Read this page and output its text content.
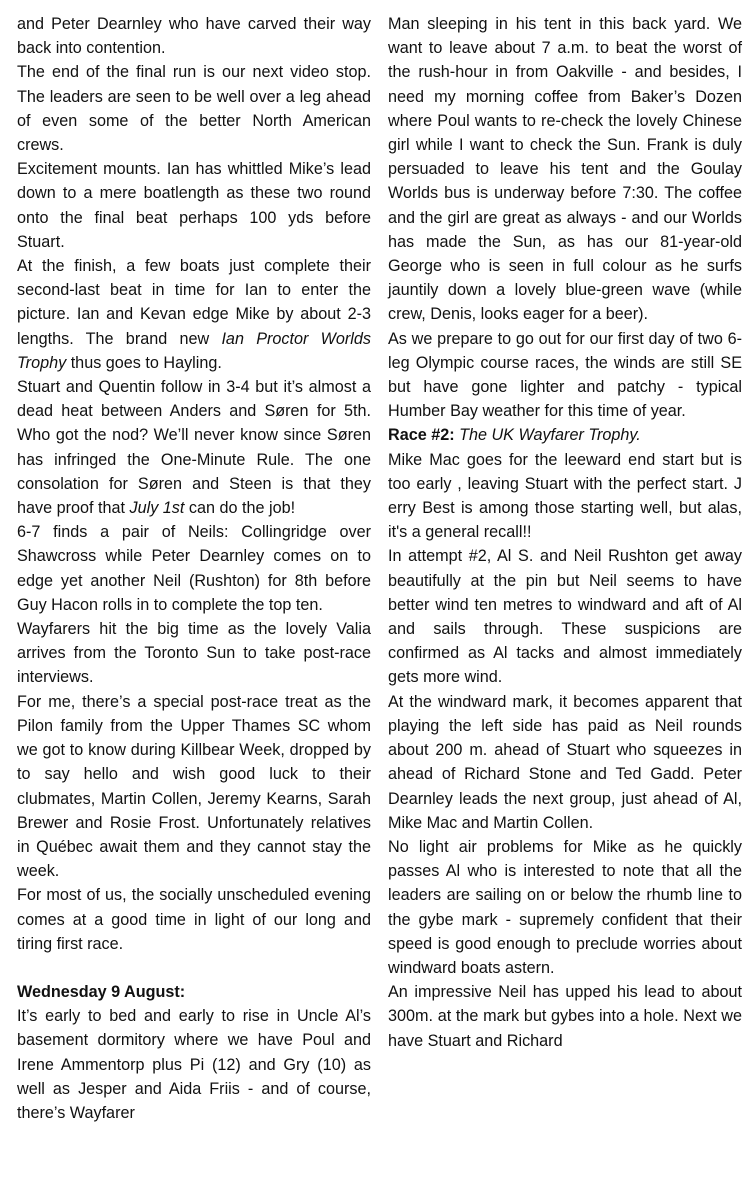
and Peter Dearnley who have carved their way back into contention.

The end of the final run is our next video stop. The leaders are seen to be well over a leg ahead of even some of the better North American crews.

Excitement mounts. Ian has whittled Mike’s lead down to a mere boatlength as these two round onto the final beat perhaps 100 yds before Stuart.

At the finish, a few boats just complete their second-last beat in time for Ian to enter the picture. Ian and Kevan edge Mike by about 2-3 lengths. The brand new Ian Proctor Worlds Trophy thus goes to Hayling.

Stuart and Quentin follow in 3-4 but it’s almost a dead heat between Anders and Søren for 5th. Who got the nod? We’ll never know since Søren has infringed the One-Minute Rule. The one consolation for Søren and Steen is that they have proof that July 1st can do the job!

6-7 finds a pair of Neils: Collingridge over Shawcross while Peter Dearnley comes on to edge yet another Neil (Rushton) for 8th before Guy Hacon rolls in to complete the top ten.

Wayfarers hit the big time as the lovely Valia arrives from the Toronto Sun to take post-race interviews.

For me, there’s a special post-race treat as the Pilon family from the Upper Thames SC whom we got to know during Killbear Week, dropped by to say hello and wish good luck to their clubmates, Martin Collen, Jeremy Kearns, Sarah Brewer and Rosie Frost. Unfortunately relatives in Québec await them and they cannot stay the week.

For most of us, the socially unscheduled evening comes at a good time in light of our long and tiring first race.

Wednesday 9 August:

It’s early to bed and early to rise in Uncle Al’s basement dormitory where we have Poul and Irene Ammentorp plus Pi (12) and Gry (10) as well as Jesper and Aida Friis - and of course, there’s Wayfarer

Man sleeping in his tent in this back yard. We want to leave about 7 a.m. to beat the worst of the rush-hour in from Oakville - and besides, I need my morning coffee from Baker’s Dozen where Poul wants to re-check the lovely Chinese girl while I want to check the Sun. Frank is duly persuaded to leave his tent and the Goulay Worlds bus is underway before 7:30. The coffee and the girl are great as always - and our Worlds has made the Sun, as has our 81-year-old George who is seen in full colour as he surfs jauntily down a lovely blue-green wave (while crew, Denis, looks eager for a beer).

As we prepare to go out for our first day of two 6-leg Olympic course races, the winds are still SE but have gone lighter and patchy - typical Humber Bay weather for this time of year.

Race #2: The UK Wayfarer Trophy.

Mike Mac goes for the leeward end start but is too early , leaving Stuart with the perfect start. J erry Best is among those starting well, but alas, it's a general recall!!

In attempt #2, Al S. and Neil Rushton get away beautifully at the pin but Neil seems to have better wind ten metres to windward and aft of Al and sails through. These suspicions are confirmed as Al tacks and almost immediately gets more wind.

At the windward mark, it becomes apparent that playing the left side has paid as Neil rounds about 200 m. ahead of Stuart who squeezes in ahead of Richard Stone and Ted Gadd. Peter Dearnley leads the next group, just ahead of Al, Mike Mac and Martin Collen.

No light air problems for Mike as he quickly passes Al who is interested to note that all the leaders are sailing on or below the rhumb line to the gybe mark - supremely confident that their speed is good enough to preclude worries about windward boats astern.

An impressive Neil has upped his lead to about 300m. at the mark but gybes into a hole. Next we have Stuart and Richard
